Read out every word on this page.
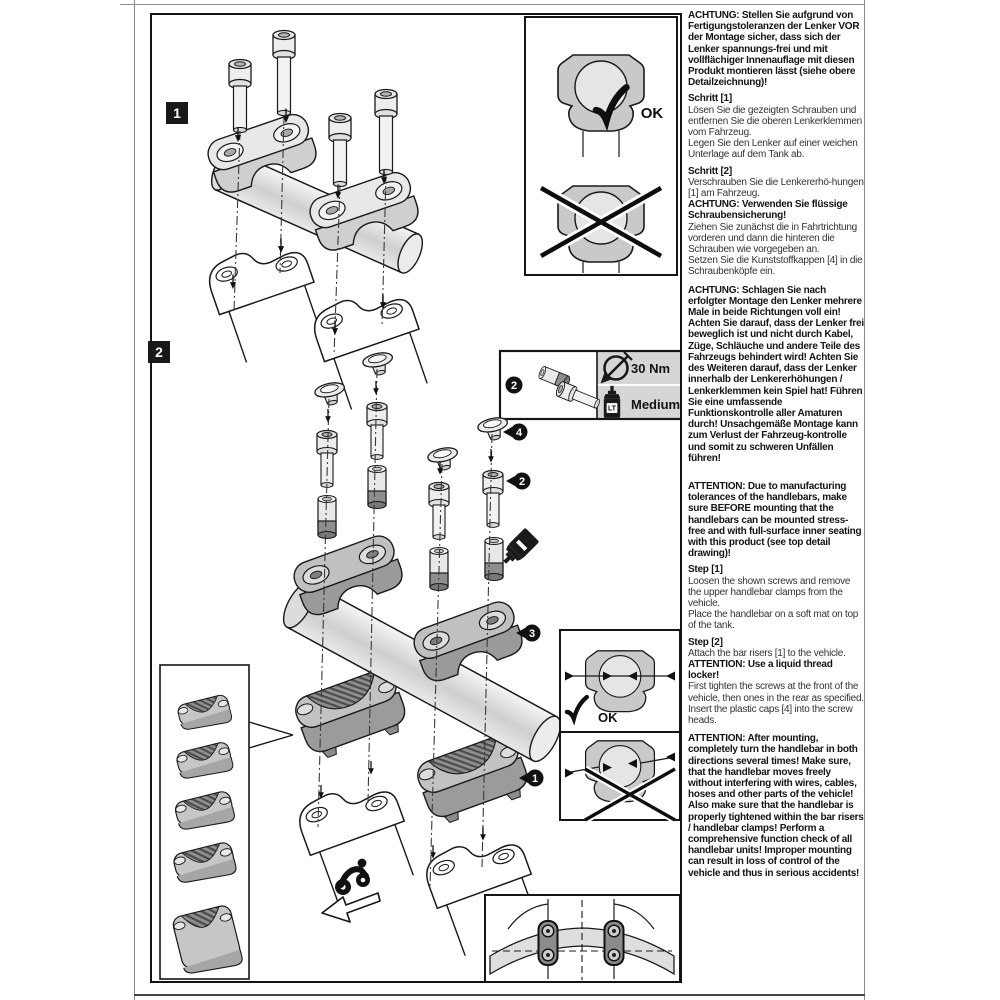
OK
2
30 Nm
LT Medium
4
2
3
1
OK
1
2

ACHTUNG: Stellen Sie aufgrund von Fertigungstoleranzen der Lenker VOR der Montage sicher, dass sich der Lenker spannungs-frei und mit vollflächiger Innenauflage mit diesen Produkt montieren lässt (siehe obere Detailzeichnung)!

Schritt [1]

Lösen Sie die gezeigten Schrauben und entfernen Sie die oberen Lenkerklemmen vom Fahrzeug.

Legen Sie den Lenker auf einer weichen Unterlage auf dem Tank ab.

Schritt [2]

Verschrauben Sie die Lenkererhö-hungen [1] am Fahrzeug.

ACHTUNG: Verwenden Sie flüssige Schraubensicherung!

Ziehen Sie zunächst die in Fahrtrichtung vorderen und dann die hinteren die Schrauben wie vorgegeben an.

Setzen Sie die Kunststoffkappen [4] in die Schraubenköpfe ein.

ACHTUNG: Schlagen Sie nach erfolgter Montage den Lenker mehrere Male in beide Richtungen voll ein! Achten Sie darauf, dass der Lenker frei beweglich ist und nicht durch Kabel, Züge, Schläuche und andere Teile des Fahrzeugs behindert wird! Achten Sie des Weiteren darauf, dass der Lenker innerhalb der Lenkererhöhungen / Lenkerklemmen kein Spiel hat! Führen Sie eine umfassende Funktionskontrolle aller Amaturen durch! Unsachgemäße Montage kann zum Verlust der Fahrzeug-kontrolle und somit zu schweren Unfällen führen!

ATTENTION: Due to manufacturing tolerances of the handlebars, make sure BEFORE mounting that the handlebars can be mounted stress-free and with full-surface inner seating with this product (see top detail drawing)!

Step [1]

Loosen the shown screws and remove the upper handlebar clamps from the vehicle.

Place the handlebar on a soft mat on top of the tank.

Step [2]

Attach the bar risers [1] to the vehicle.

ATTENTION: Use a liquid thread locker!

First tighten the screws at the front of the vehicle, then ones in the rear as specified.

Insert the plastic caps [4] into the screw heads.

ATTENTION: After mounting, completely turn the handlebar in both directions several times! Make sure, that the handlebar moves freely without interfering with wires, cables, hoses and other parts of the vehicle! Also make sure that the handlebar is properly tightened within the bar risers / handlebar clamps! Perform a comprehensive function check of all handlebar units! Improper mounting can result in loss of control of the vehicle and thus in serious accidents!
